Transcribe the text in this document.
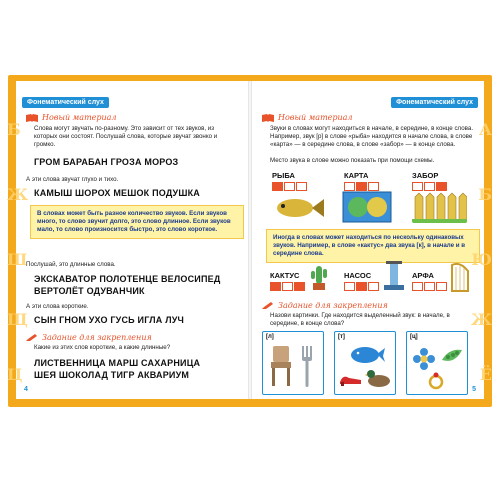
Фонематический слух
Новый материал
Слова могут звучать по-разному. Это зависит от тех звуков, из которых они состоят. Послушай слова, которые звучат звонко и громко.
ГРОМ БАРАБАН ГРОЗА МОРОЗ
А эти слова звучат глухо и тихо.
КАМЫШ ШОРОХ МЕШОК ПОДУШКА
В словах может быть разное количество звуков. Если звуков много, то слово звучит долго, это слово длинное. Если звуков мало, то слово произносится быстро, это слово короткое.
Послушай, это длинные слова.
ЭКСКАВАТОР ПОЛОТЕНЦЕ ВЕЛОСИПЕД
ВЕРТОЛЁТ ОДУВАНЧИК
А эти слова короткие.
СЫН ГНОМ УХО ГУСЬ ИГЛА ЛУЧ
Задание для закрепления
Какие из этих слов короткие, а какие длинные?
ЛИСТВЕННИЦА МАРШ САХАРНИЦА
ШЕЯ ШОКОЛАД ТИГР АКВАРИУМ
4
Фонематический слух
Новый материал
Звуки в словах могут находиться в начале, в середине, в конце слова. Например, звук [р] в слове «рыба» находится в начале слова, в слове «карта» — в середине слова, в слове «забор» — в конце слова.
Место звука в слове можно показать при помощи схемы.
РЫБА	КАРТА	ЗАБОР
Иногда в словах может находиться по нескольку одинаковых звуков. Например, в слове «кактус» два звука [к], в начале и в середине слова.
КАКТУС	НАСОС	АРФА
Задание для закрепления
Назови картинки. Где находится выделенный звук: в начале, в середине, в конце слова?
[л]	[т]	[ц]
5
Б
Ж
Ш
Щ
Ц
А
Б
Ю
Ж
Ё
